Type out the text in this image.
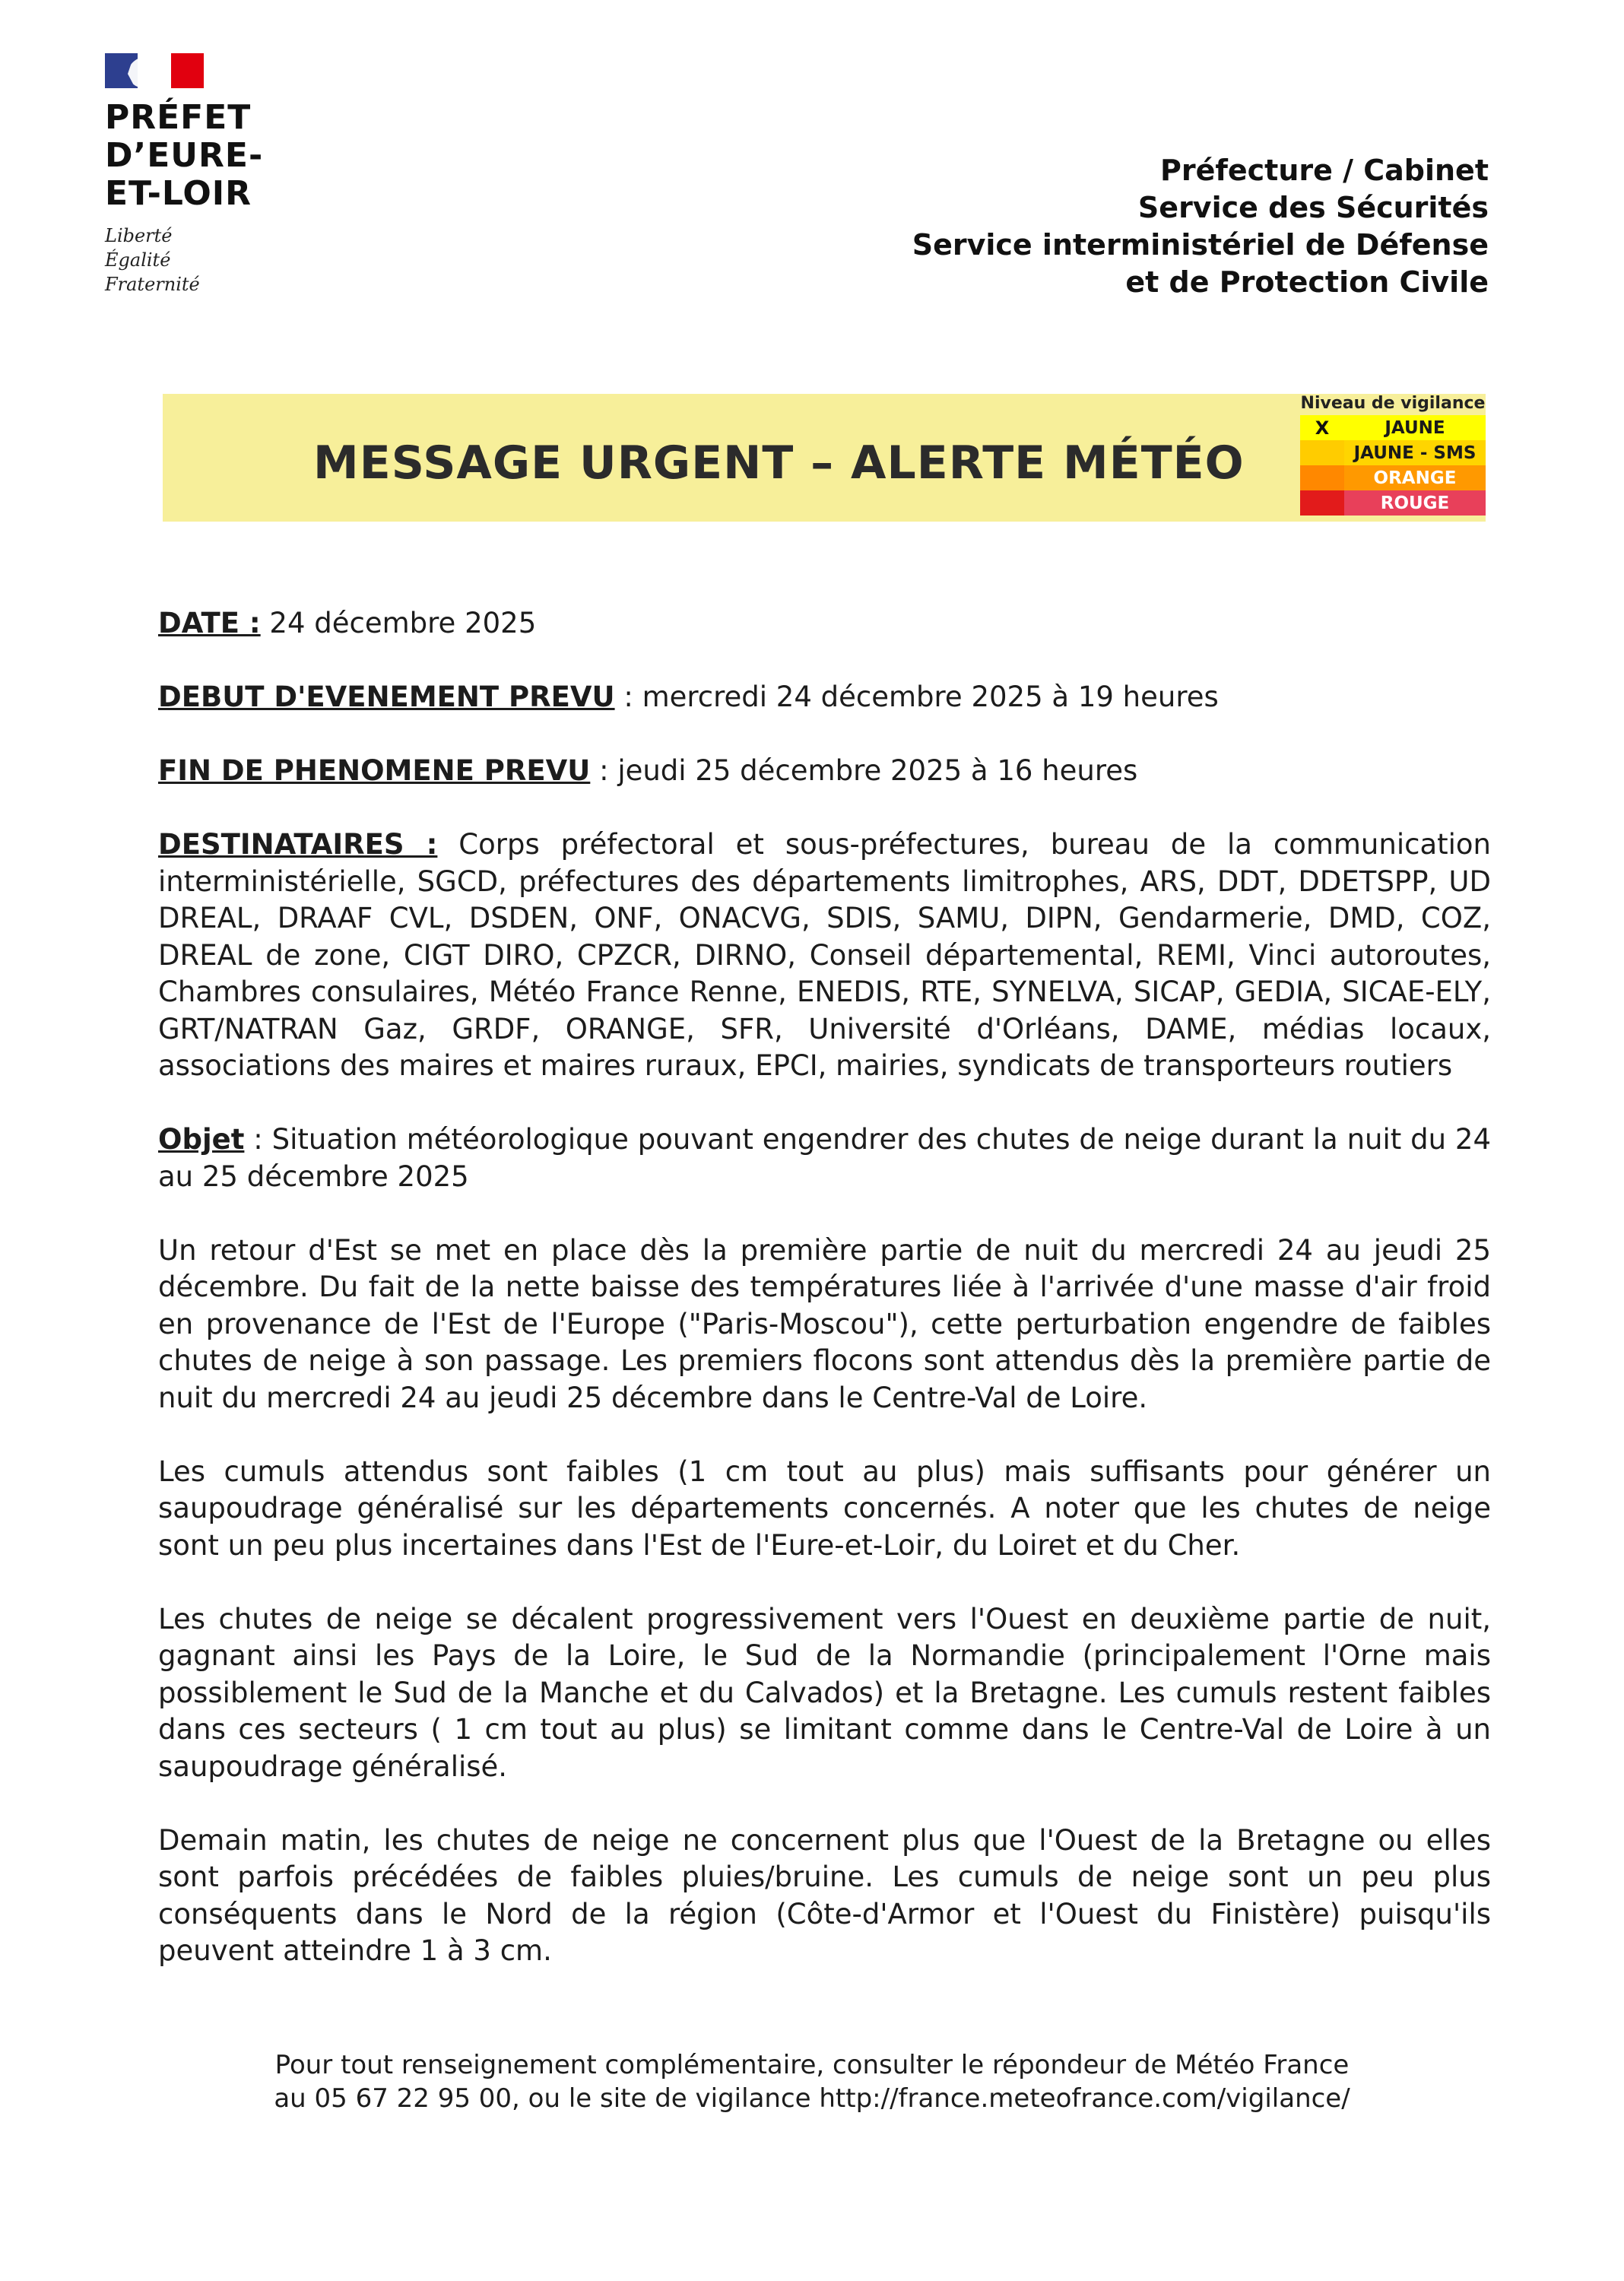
PRÉFET
D’EURE-
ET-LOIR
Liberté
Égalité
Fraternité
Préfecture / Cabinet
Service des Sécurités
Service interministériel de Défense
et de Protection Civile
MESSAGE URGENT – ALERTE MÉTÉO
Niveau de vigilance
X	JAUNE
JAUNE - SMS
ORANGE
ROUGE

DATE : 24 décembre 2025

DEBUT D'EVENEMENT PREVU : mercredi 24 décembre 2025 à 19 heures

FIN DE PHENOMENE PREVU : jeudi 25 décembre 2025 à 16 heures

DESTINATAIRES : Corps préfectoral et sous-préfectures, bureau de la communication interministérielle, SGCD, préfectures des départements limitrophes, ARS, DDT, DDETSPP, UD DREAL, DRAAF CVL, DSDEN, ONF, ONACVG, SDIS, SAMU, DIPN, Gendarmerie, DMD, COZ, DREAL de zone, CIGT DIRO, CPZCR, DIRNO, Conseil départemental, REMI, Vinci autoroutes, Chambres consulaires, Météo France Renne, ENEDIS, RTE, SYNELVA, SICAP, GEDIA, SICAE-ELY, GRT/NATRAN Gaz, GRDF, ORANGE, SFR, Université d'Orléans, DAME, médias locaux, associations des maires et maires ruraux, EPCI, mairies, syndicats de transporteurs routiers

Objet : Situation météorologique pouvant engendrer des chutes de neige durant la nuit du 24 au 25 décembre 2025

Un retour d'Est se met en place dès la première partie de nuit du mercredi 24 au jeudi 25 décembre. Du fait de la nette baisse des températures liée à l'arrivée d'une masse d'air froid en provenance de l'Est de l'Europe ("Paris-Moscou"), cette perturbation engendre de faibles chutes de neige à son passage. Les premiers flocons sont attendus dès la première partie de nuit du mercredi 24 au jeudi 25 décembre dans le Centre-Val de Loire.

Les cumuls attendus sont faibles (1 cm tout au plus) mais suffisants pour générer un saupoudrage généralisé sur les départements concernés. A noter que les chutes de neige sont un peu plus incertaines dans l'Est de l'Eure-et-Loir, du Loiret et du Cher.

Les chutes de neige se décalent progressivement vers l'Ouest en deuxième partie de nuit, gagnant ainsi les Pays de la Loire, le Sud de la Normandie (principalement l'Orne mais possiblement le Sud de la Manche et du Calvados) et la Bretagne. Les cumuls restent faibles dans ces secteurs ( 1 cm tout au plus) se limitant comme dans le Centre-Val de Loire à un saupoudrage généralisé.

Demain matin, les chutes de neige ne concernent plus que l'Ouest de la Bretagne ou elles sont parfois précédées de faibles pluies/bruine. Les cumuls de neige sont un peu plus conséquents dans le Nord de la région (Côte-d'Armor et l'Ouest du Finistère) puisqu'ils peuvent atteindre 1 à 3 cm.

Pour tout renseignement complémentaire, consulter le répondeur de Météo France
au 05 67 22 95 00, ou le site de vigilance http://france.meteofrance.com/vigilance/
